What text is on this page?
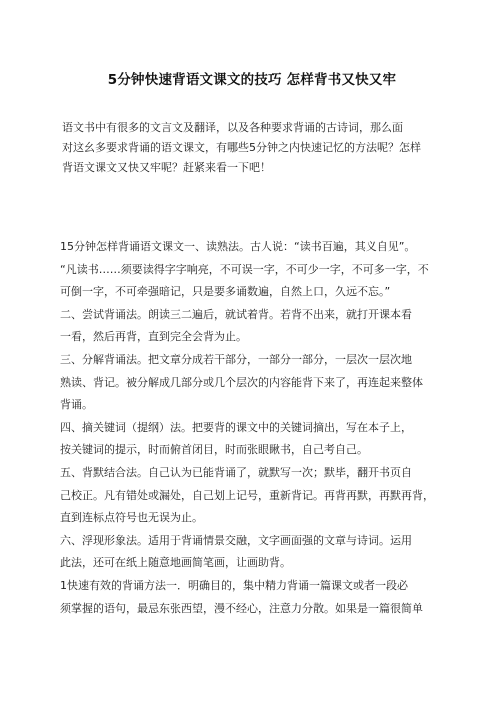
5分钟快速背语文课文的技巧 怎样背书又快又牢
语文书中有很多的文言文及翻译，以及各种要求背诵的古诗词，那么面
对这幺多要求背诵的语文课文，有哪些5分钟之内快速记忆的方法呢？怎样
背语文课文又快又牢呢？赶紧来看一下吧！
15分钟怎样背诵语文课文一、读熟法。古人说：“读书百遍，其义自见”。
“凡读书……须要读得字字响亮，不可误一字，不可少一字，不可多一字，不
可倒一字，不可牵强暗记，只是要多诵数遍，自然上口，久远不忘。”
二、尝试背诵法。朗读三二遍后，就试着背。若背不出来，就打开课本看
一看，然后再背，直到完全会背为止。
三、分解背诵法。把文章分成若干部分，一部分一部分，一层次一层次地
熟读、背记。被分解成几部分或几个层次的内容能背下来了，再连起来整体
背诵。
四、摘关键词（提纲）法。把要背的课文中的关键词摘出，写在本子上，
按关键词的提示，时而俯首闭目，时而张眼瞅书，自己考自己。
五、背默结合法。自己认为已能背诵了，就默写一次；默毕，翻开书页自
己校正。凡有错处或漏处，自己划上记号，重新背记。再背再默，再默再背，
直到连标点符号也无误为止。
六、浮现形象法。适用于背诵情景交融，文字画面强的文章与诗词。运用
此法，还可在纸上随意地画简笔画，让画助背。
1快速有效的背诵方法一．明确目的，集中精力背诵一篇课文或者一段必
须掌握的语句，最忌东张西望，漫不经心，注意力分散。如果是一篇很简单
